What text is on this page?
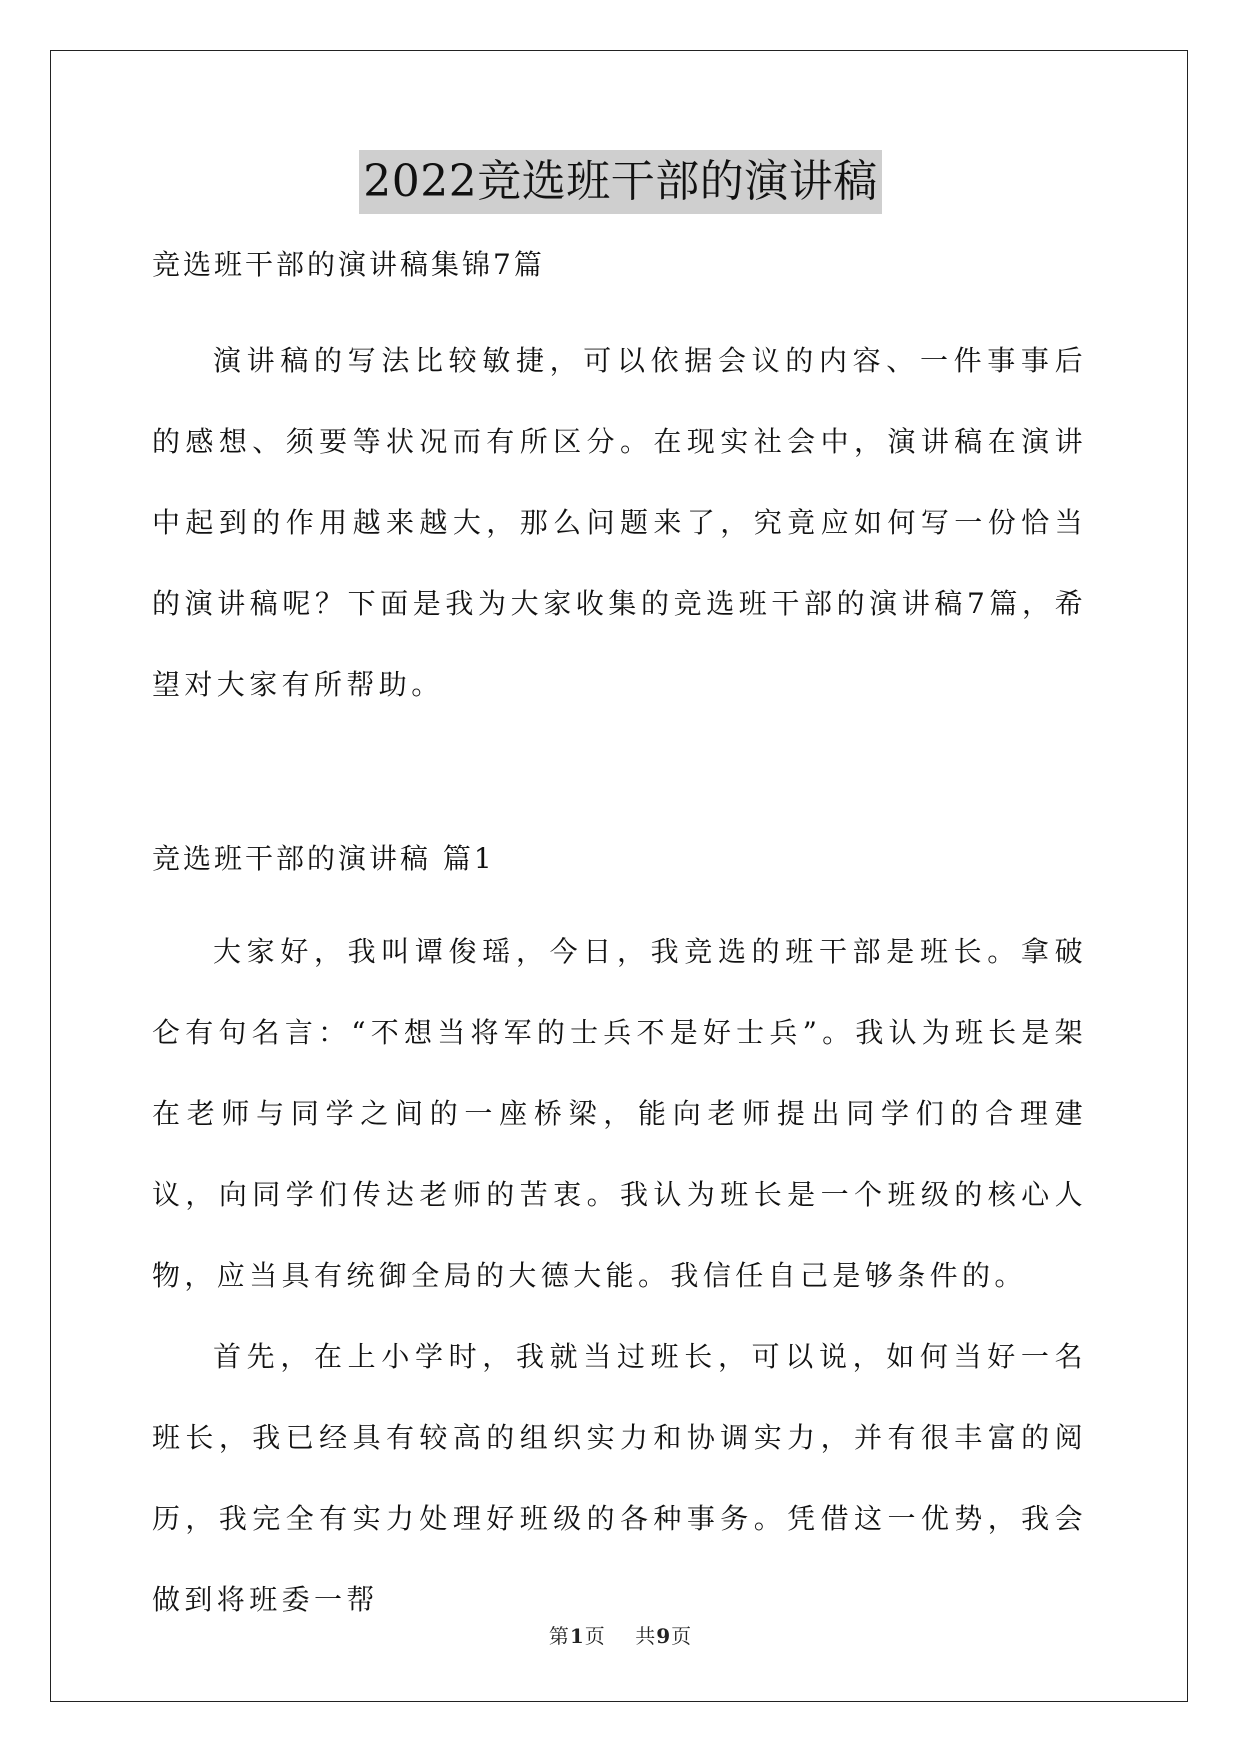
2022竞选班干部的演讲稿

竞选班干部的演讲稿集锦7篇

演讲稿的写法比较敏捷，可以依据会议的内容、一件事事后的感想、须要等状况而有所区分。在现实社会中，演讲稿在演讲中起到的作用越来越大，那么问题来了，究竟应如何写一份恰当的演讲稿呢？下面是我为大家收集的竞选班干部的演讲稿7篇，希望对大家有所帮助。

竞选班干部的演讲稿 篇1

大家好，我叫谭俊瑶，今日，我竞选的班干部是班长。拿破仑有句名言：“不想当将军的士兵不是好士兵”。我认为班长是架在老师与同学之间的一座桥梁，能向老师提出同学们的合理建议，向同学们传达老师的苦衷。我认为班长是一个班级的核心人物，应当具有统御全局的大德大能。我信任自己是够条件的。

首先，在上小学时，我就当过班长，可以说，如何当好一名班长，我已经具有较高的组织实力和协调实力，并有很丰富的阅历，我完全有实力处理好班级的各种事务。凭借这一优势，我会做到将班委一帮

第1页    共9页
